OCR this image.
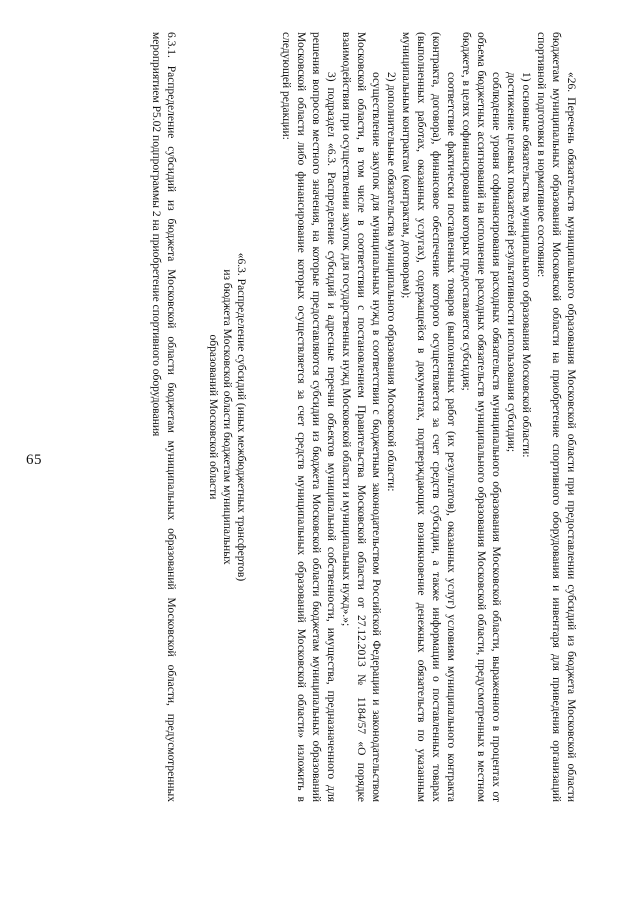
65	«26. Перечень обязательств муниципального образования Московской области при предоставлении субсидий из бюджета Московской области бюджетам муниципальных образований Московской области на приобретение спортивного оборудования и инвентаря для приведения организаций спортивной подготовки в нормативное состояние:

1) основные обязательства муниципального образования Московской области:

достижение целевых показателей результативности использования субсидии;

соблюдение уровня софинансирования расходных обязательств муниципального образования Московской области, выраженного в процентах от объема бюджетных ассигнований на исполнение расходных обязательств муниципального образования Московской области, предусмотренных в местном бюджете, в целях софинансирования которых предоставляется субсидия;

соответствие фактически поставленных товаров (выполненных работ (их результатов), оказанных услуг) условиям муниципального контракта (контракта, договора), финансовое обеспечение которого осуществляется за счет средств субсидии, а также информации о поставленных товарах (выполненных работах, оказанных услугах), содержащейся в документах, подтверждающих возникновение денежных обязательств по указанным муниципальным контрактам (контрактам, договорам);

2) дополнительные обязательства муниципального образования Московской области:

осуществление закупок для муниципальных нужд в соответствии с бюджетным законодательством Российской Федерации и законодательством Московской области, в том числе в соответствии с постановлением Правительства Московской области от 27.12.2013 № 1184/57 «О порядке взаимодействия при осуществлении закупок для государственных нужд Московской области и муниципальных нужд».»;

3) подраздел «6.3. Распределение субсидий и адресные перечни объектов муниципальной собственности, имущества, предназначенного для решения вопросов местного значения, на которые предоставляются субсидии из бюджета Московской области бюджетам муниципальных образований Московской области либо финансирование которых осуществляется за счет средств муниципальных образований Московской области» изложить в следующей редакции:

«6.3. Распределение субсидий (иных межбюджетных трансфертов)
из бюджета Московской области бюджетам муниципальных
образований Московской области

6.3.1. Распределение субсидий из бюджета Московской области бюджетам муниципальных образований Московской области, предусмотренных мероприятием Р5.02 подпрограммы 2 на приобретение спортивного оборудования
